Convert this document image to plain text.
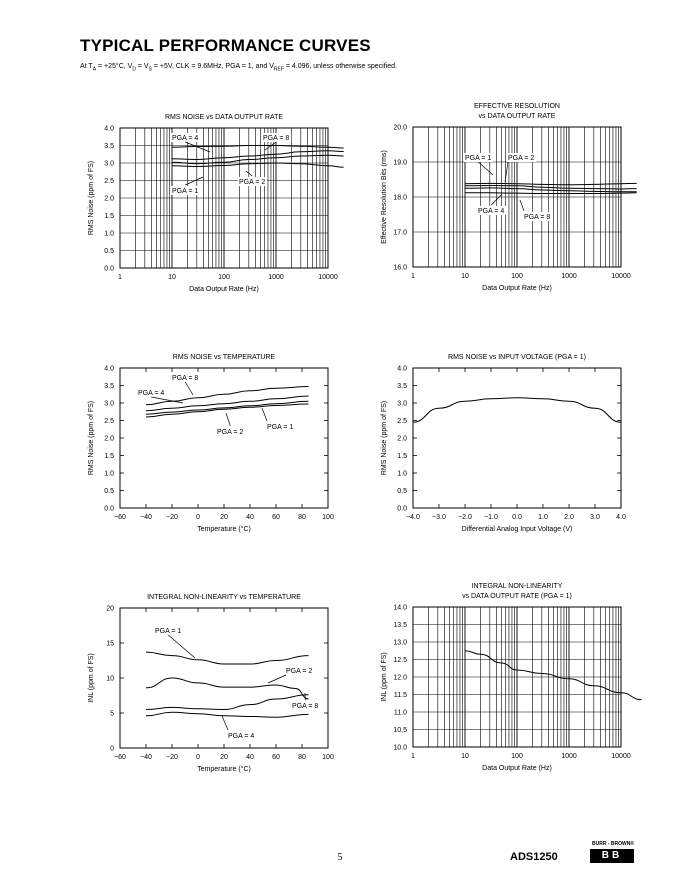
TYPICAL PERFORMANCE CURVES
At $T_A = +25^\circ C$, $V_D = V_S = +5V$, CLK = 9.6MHz, PGA = 1, and $V_{REF} = 4.096$, unless otherwise specified.
1	10	100	1000	10000
0.0
0.5
1.0
1.5
2.0
2.5
3.0
3.5
4.0
RMS NOISE vs DATA OUTPUT RATE
Data Output Rate (Hz)
RMS Noise (ppm of FS)
PGA = 4	PGA = 8
PGA = 1
PGA = 2
1	10	100	1000	10000
16.0
17.0
18.0
19.0
20.0
EFFECTIVE RESOLUTION
vs DATA OUTPUT RATE
Data Output Rate (Hz)
Effective Resolution Bits (rms)	PGA = 1 PGA = 2
PGA = 4
PGA = 8
−60 −40 −20	0	20	40	60	80 100
0.0
0.5
1.0
1.5
2.0
2.5
3.0
3.5
4.0
RMS NOISE vs TEMPERATURE
Temperature (°C)
RMS Noise (ppm of FS)
PGA = 8
PGA = 4
PGA = 2
PGA = 1
−4.0 −3.0 −2.0 −1.0 0.0 1.0 2.0 3.0 4.0
0.0
0.5
1.0
1.5
2.0
2.5
3.0
3.5
4.0
RMS NOISE vs INPUT VOLTAGE (PGA = 1)
Differential Analog Input Voltage (V)
RMS Noise (ppm of FS)
−60 −40 −20	0	20	40	60	80 100
0
5
10
15
20
INTEGRAL NON-LINEARITY vs TEMPERATURE
Temperature (°C)
INL (ppm of FS)
PGA = 1
PGA = 2
PGA = 8
PGA = 4
1	10	100	1000	10000
10.0
10.5
11.0
11.5
12.0
12.5
13.0
13.5
14.0
INTEGRAL NON-LINEARITY
vs DATA OUTPUT RATE (PGA = 1)
Data Output Rate (Hz)
INL (ppm of FS)
5	ADS1250
BURR - BROWN®
BB
